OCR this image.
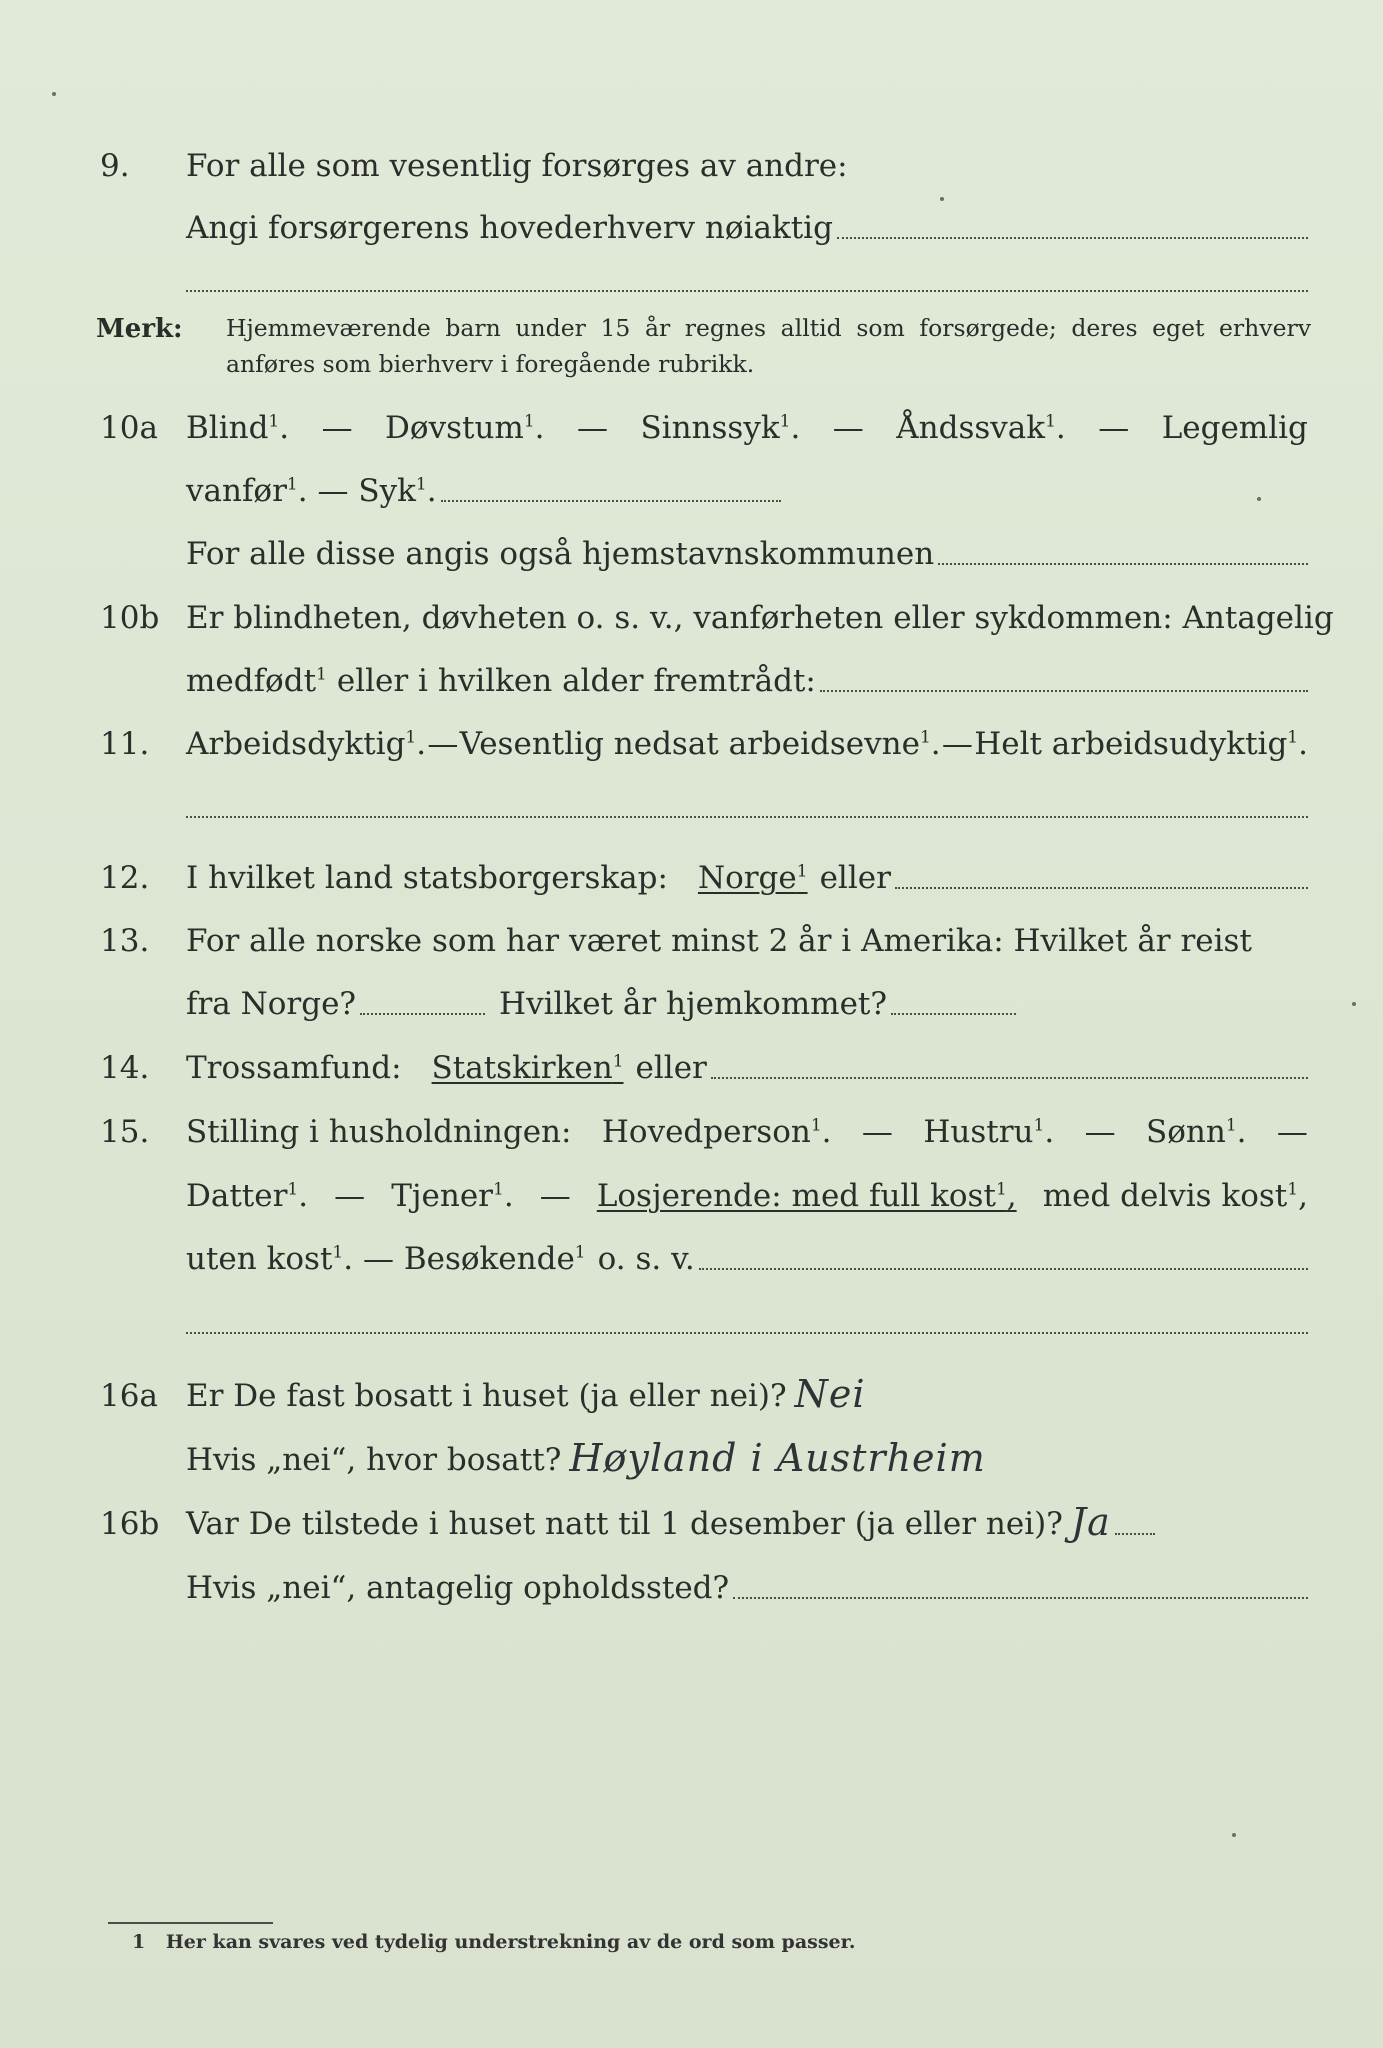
9. For alle som vesentlig forsørges av andre:
Angi forsørgerens hovederhverv nøiaktig
Merk: Hjemmeværende barn under 15 år regnes alltid som forsørgede; deres eget erhverv anføres som bierhverv i foregående rubrikk.
10a Blind$^1$. — Døvstum$^1$. — Sinnssyk$^1$. — Åndssvak$^1$. — Legemlig
vanfør$^1$. — Syk$^1$.
For alle disse angis også hjemstavnskommunen
10b Er blindheten, døvheten o. s. v., vanførheten eller sykdommen: Antagelig
medfødt$^1$ eller i hvilken alder fremtrådt:
11. Arbeidsdyktig$^1$. — Vesentlig nedsat arbeidsevne$^1$. — Helt arbeidsudyktig$^1$.
12. I hvilket land statsborgerskap: Norge$^1$ eller
13. For alle norske som har været minst 2 år i Amerika: Hvilket år reist
fra Norge?	Hvilket år hjemkommet?
14. Trossamfund: Statskirken$^1$ eller
15. Stilling i husholdningen: Hovedperson$^1$. — Hustru$^1$. — Sønn$^1$. —
Datter$^1$. — Tjener$^1$. — Losjerende: med full kost$^1$, med delvis kost$^1$,
uten kost$^1$. — Besøkende$^1$ o. s. v.
16a Er De fast bosatt i huset (ja eller nei)? Nei
Hvis „nei“, hvor bosatt? Høyland i Austrheim
16b Var De tilstede i huset natt til 1 desember (ja eller nei)? Ja
Hvis „nei“, antagelig opholdssted?
1 Her kan svares ved tydelig understrekning av de ord som passer.
